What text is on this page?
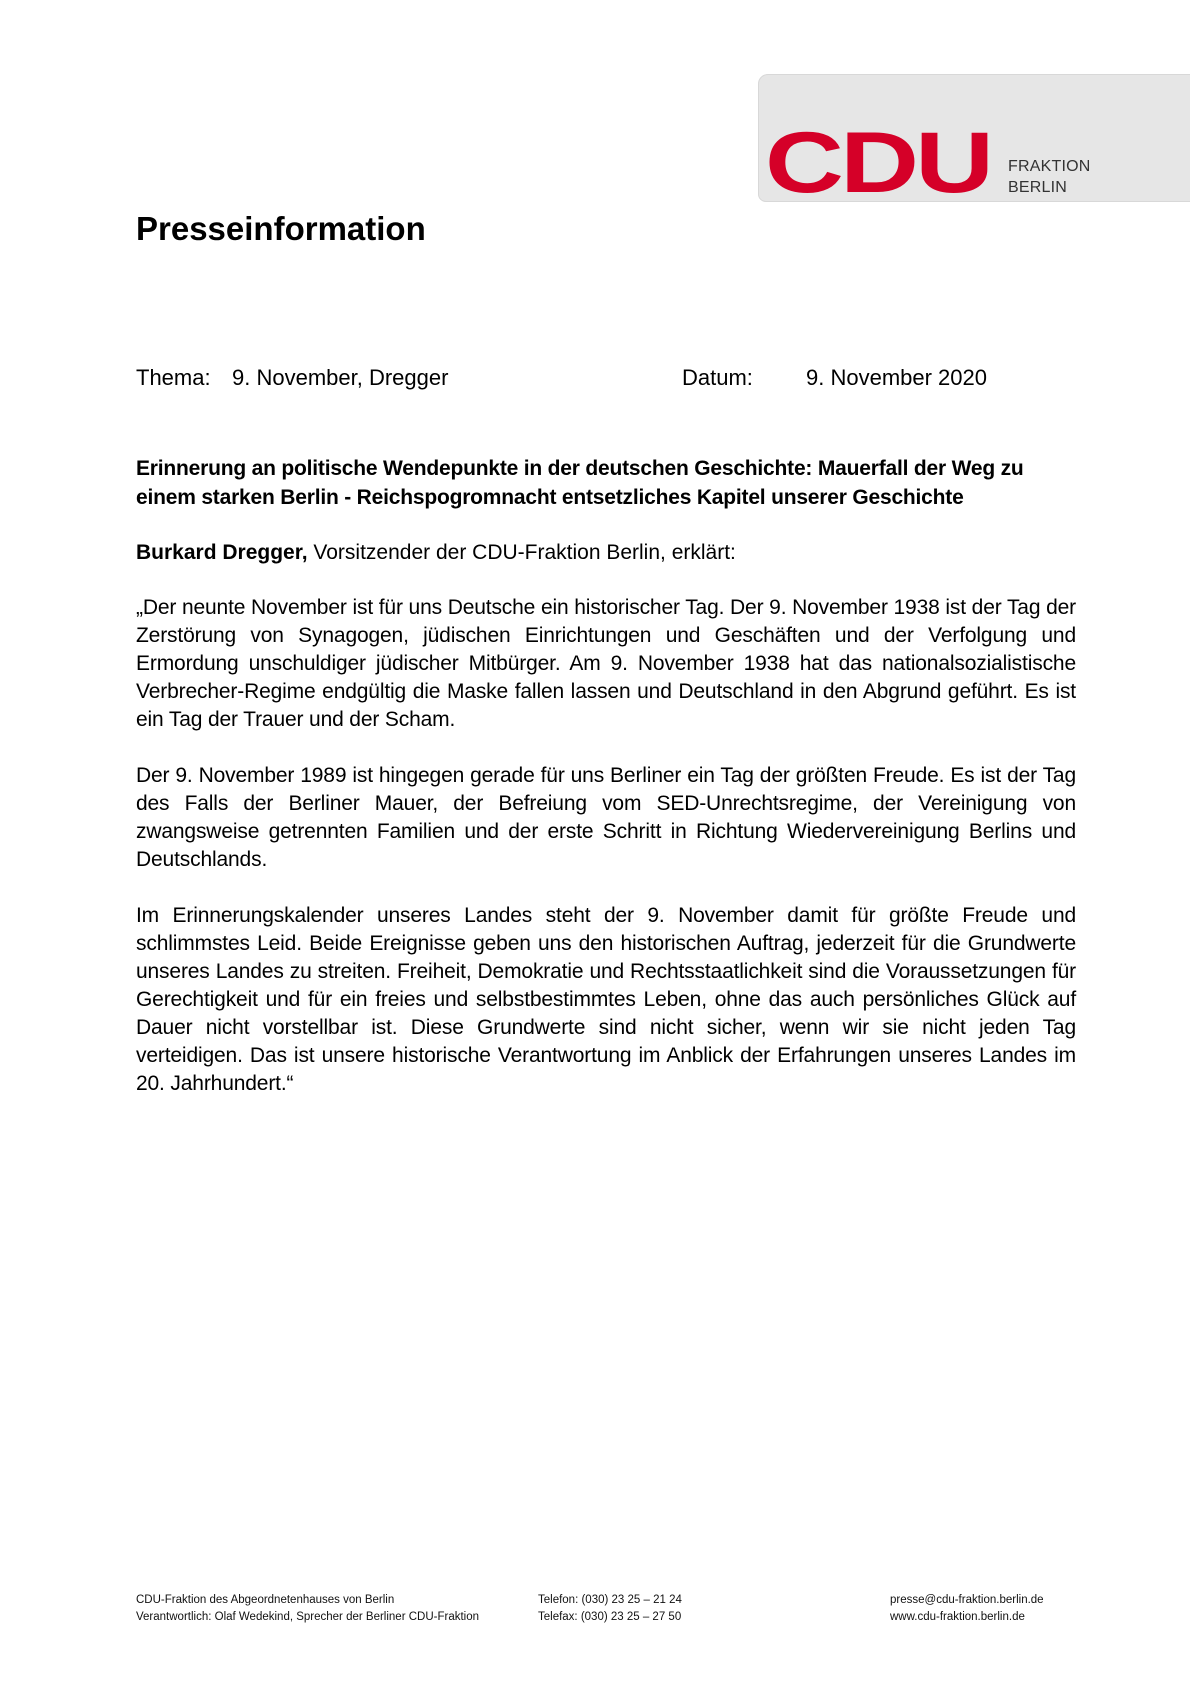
CDU FRAKTION
BERLIN
Presseinformation
Thema: 9. November, Dregger	Datum: 9. November 2020

Erinnerung an politische Wendepunkte in der deutschen Geschichte: Mauerfall der Weg zu einem starken Berlin - Reichspogromnacht entsetzliches Kapitel unserer Geschichte

Burkard Dregger, Vorsitzender der CDU-Fraktion Berlin, erklärt:

„Der neunte November ist für uns Deutsche ein historischer Tag. Der 9. November 1938 ist der Tag der Zerstörung von Synagogen, jüdischen Einrichtungen und Geschäften und der Verfolgung und Ermordung unschuldiger jüdischer Mitbürger. Am 9. November 1938 hat das nationalsozialistische Verbrecher-Regime endgültig die Maske fallen lassen und Deutschland in den Abgrund geführt. Es ist ein Tag der Trauer und der Scham.

Der 9. November 1989 ist hingegen gerade für uns Berliner ein Tag der größten Freude. Es ist der Tag des Falls der Berliner Mauer, der Befreiung vom SED-Unrechtsregime, der Vereinigung von zwangsweise getrennten Familien und der erste Schritt in Richtung Wiedervereinigung Berlins und Deutschlands.

Im Erinnerungskalender unseres Landes steht der 9. November damit für größte Freude und schlimmstes Leid. Beide Ereignisse geben uns den historischen Auftrag, jederzeit für die Grundwerte unseres Landes zu streiten. Freiheit, Demokratie und Rechtsstaatlichkeit sind die Voraussetzungen für Gerechtigkeit und für ein freies und selbstbestimmtes Leben, ohne das auch persönliches Glück auf Dauer nicht vorstellbar ist. Diese Grundwerte sind nicht sicher, wenn wir sie nicht jeden Tag verteidigen. Das ist unsere historische Verantwortung im Anblick der Erfahrungen unseres Landes im 20. Jahrhundert.“

CDU-Fraktion des Abgeordnetenhauses von Berlin
Verantwortlich: Olaf Wedekind, Sprecher der Berliner CDU-Fraktion
Telefon: (030) 23 25 – 21 24
Telefax: (030) 23 25 – 27 50
presse@cdu-fraktion.berlin.de
www.cdu-fraktion.berlin.de
